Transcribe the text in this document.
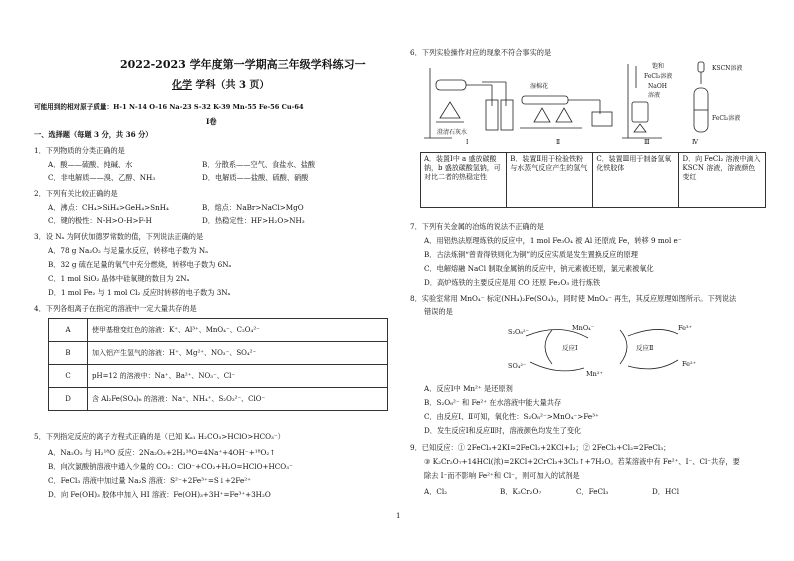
2022-2023 学年度第一学期高三年级学科练习一
化学 学科（共 3 页）
可能用到的相对原子质量：H-1 N-14 O-16 Na-23 S-32 K-39 Mn-55 Fe-56 Cu-64
Ⅰ卷
一、选择题（每题 3 分，共 36 分）
1．下列物质的分类正确的是
A．酸——硫酸、纯碱、水	B．分散系——空气、食盐水、盐酸
C．非电解质——溴、乙醇、NH₃	D．电解质——盐酸、硫酸、硝酸
2．下列有关比较正确的是
A．沸点：CH₄>SiH₄>GeH₄>SnH₄	B．熔点：NaBr>NaCl>MgO
C．键的极性：N-H>O-H>F-H	D．热稳定性：HF>H₂O>NH₃
3．设 Nₐ 为阿伏加德罗常数的值，下列说法正确的是
A．78 g Na₂O₂ 与足量水反应，转移电子数为 Nₐ
B．32 g 硫在足量的氧气中充分燃烧，转移电子数为 6Nₐ
C．1 mol SiO₂ 晶体中硅氧键的数目为 2Nₐ
D．1 mol Fe₂ 与 1 mol Cl₂ 反应时转移的电子数为 3Nₐ
4．下列各组离子在指定的溶液中一定大量共存的是
A	使甲基橙变红色的溶液：K⁺、Al³⁺、MnO₄⁻、C₂O₄²⁻
B	加入铝产生氢气的溶液：H⁺、Mg²⁺、NO₃⁻、SO₄²⁻
C	pH=12 的溶液中：Na⁺、Ba²⁺、NO₃⁻、Cl⁻
D	含 Al₂Fe(SO₄)₆ 的溶液：Na⁺、NH₄⁺、S₂O₃²⁻、ClO⁻
5．下列指定反应的离子方程式正确的是（已知 Kₐ₁ H₂CO₃>HClO>HCO₃⁻）
A．Na₂O₂ 与 H₂¹⁸O 反应：2Na₂O₂+2H₂¹⁸O=4Na⁺+4OH⁻+¹⁸O₂↑
B．向次氯酸钠溶液中通入少量的 CO₂：ClO⁻+CO₂+H₂O=HClO+HCO₃⁻
C．FeCl₃ 溶液中加过量 Na₂S 溶液：S²⁻+2Fe³⁺=S↓+2Fe²⁺
D．向 Fe(OH)₃ 胶体中加入 HI 溶液：Fe(OH)₃+3H⁺=Fe³⁺+3H₂O
6．下列实验操作对应的现象不符合事实的是
澄清石灰水
Ⅰ
湿棉花
Ⅱ
饱和
FeCl₃溶液
NaOH
溶液
Ⅲ
KSCN溶液
FeCl₂溶液
Ⅳ
A．装置Ⅰ中 a 盛放碳酸钠，b 盛放碳酸氢钠，可对比二者的热稳定性	B．装置Ⅱ用于检验铁粉与水蒸气反应产生的氢气	C．装置Ⅲ用于制备氢氧化铁胶体	D．向 FeCl₂ 溶液中滴入 KSCN 溶液，溶液颜色变红
7．下列有关金属的冶炼的说法不正确的是
A．用铝热法原理炼铁的反应中，1 mol Fe₃O₄ 被 Al 还原成 Fe，转移 9 mol e⁻
B．古法炼铜“曾青得铁则化为铜”的反应实质是发生置换反应的原理
C．电解熔融 NaCl 制取金属钠的反应中，钠元素被还原，氯元素被氧化
D．高炉炼铁的主要反应是用 CO 还原 Fe₂O₃ 进行炼铁
8．实验室常用 MnO₄⁻ 标定(NH₄)₂Fe(SO₄)₂，同时使 MnO₄⁻ 再生，其反应原理如图所示。下列说法
错误的是
S₂O₈²⁻	MnO₄⁻	Fe³⁺
SO₄²⁻
反应Ⅰ	反应Ⅱ
Fe²⁺
Mn²⁺
A．反应Ⅰ中 Mn²⁺ 是还原剂
B．S₂O₈²⁻ 和 Fe²⁺ 在水溶液中能大量共存
C．由反应Ⅰ、Ⅱ可知，氧化性：S₂O₈²⁻>MnO₄⁻>Fe³⁺
D．发生反应Ⅰ和反应Ⅱ时，溶液颜色均发生了变化
9．已知反应：① 2FeCl₃+2KI=2FeCl₂+2KCl+I₂；② 2FeCl₂+Cl₂=2FeCl₃；
③ K₂Cr₂O₇+14HCl(浓)=2KCl+2CrCl₃+3Cl₂↑+7H₂O。若某溶液中有 Fe²⁺、I⁻、Cl⁻共存，要
除去 I⁻而不影响 Fe²⁺和 Cl⁻，则可加入的试剂是
A．Cl₂	B．K₂Cr₂O₇	C．FeCl₃	D．HCl
1
